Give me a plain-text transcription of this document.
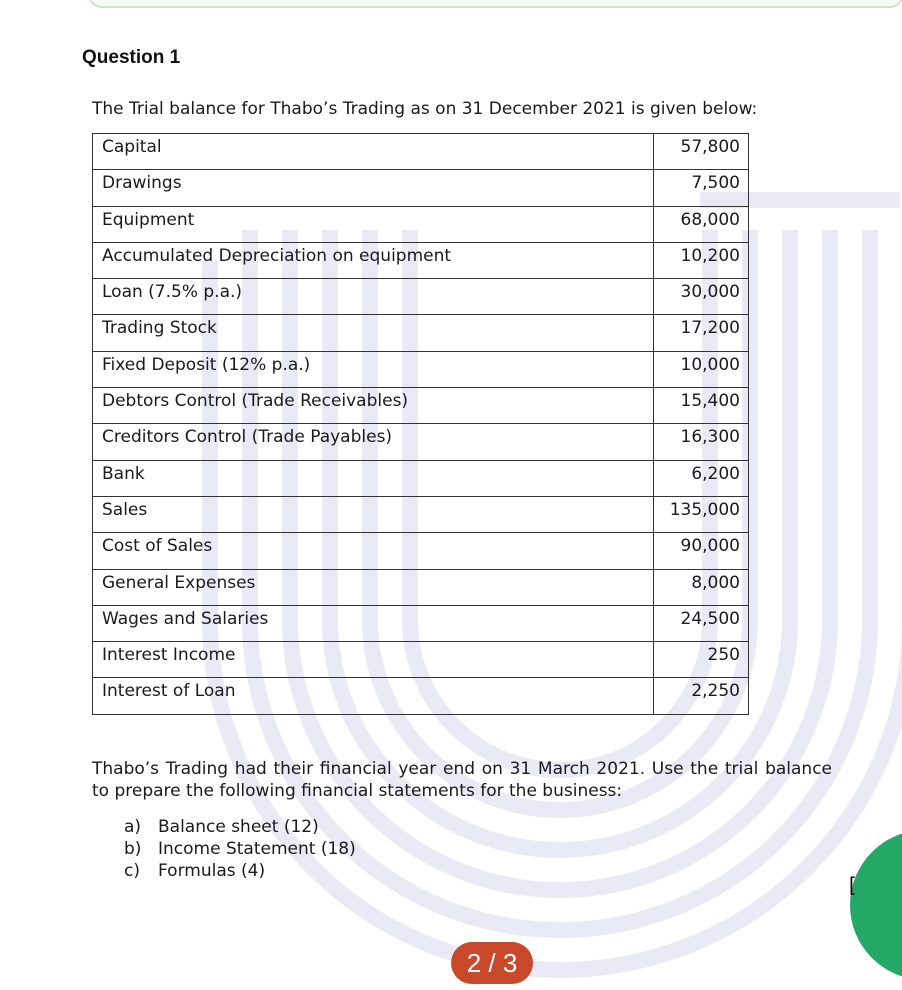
Question 1
The Trial balance for Thabo’s Trading as on 31 December 2021 is given below:
Capital	57,800
Drawings	7,500
Equipment	68,000
Accumulated Depreciation on equipment	10,200
Loan (7.5% p.a.)	30,000
Trading Stock	17,200
Fixed Deposit (12% p.a.)	10,000
Debtors Control (Trade Receivables)	15,400
Creditors Control (Trade Payables)	16,300
Bank	6,200
Sales	135,000
Cost of Sales	90,000
General Expenses	8,000
Wages and Salaries	24,500
Interest Income	250
Interest of Loan	2,250
Thabo’s Trading had their financial year end on 31 March 2021. Use the trial balance to prepare the following financial statements for the business:
a) Balance sheet (12)
b) Income Statement (18)
c)	Formulas (4)
2 / 3
[
